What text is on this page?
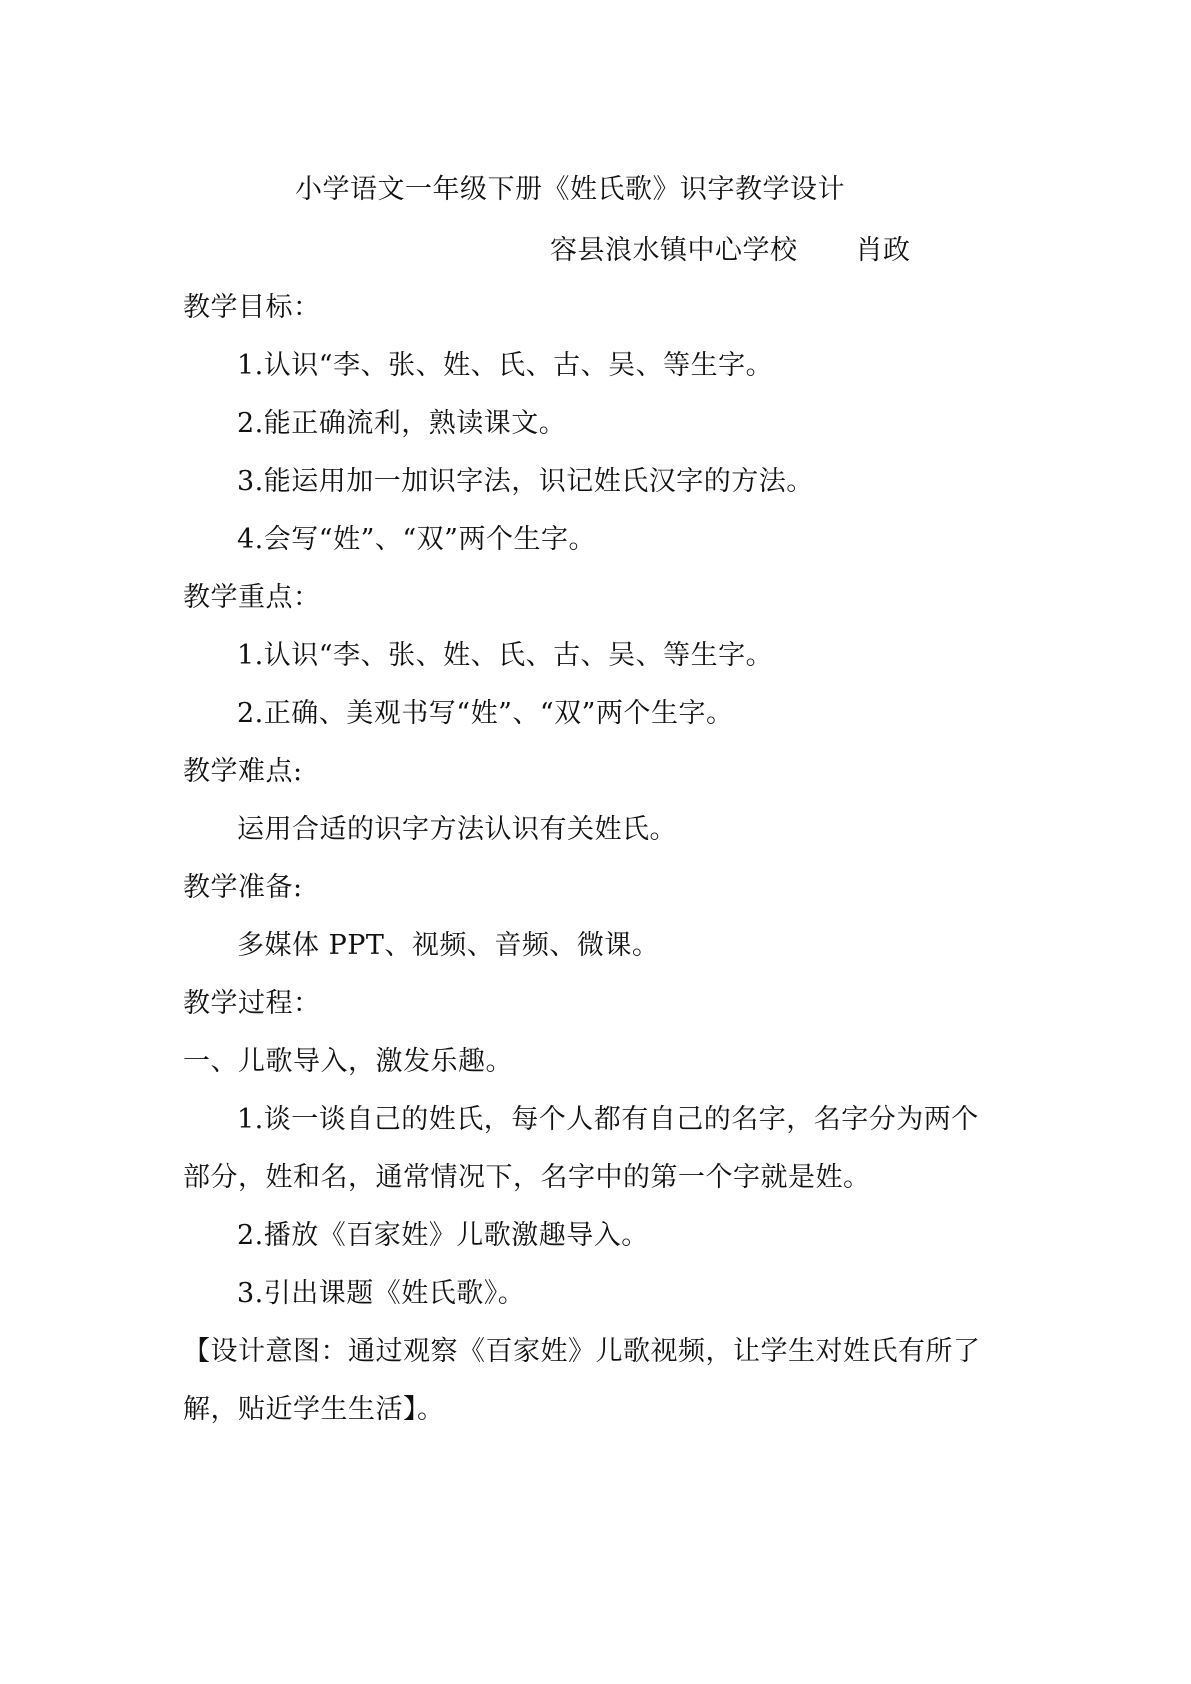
小学语文一年级下册《姓氏歌》识字教学设计
容县浪水镇中心学校 肖政
教学目标：
1.认识“李、张、姓、氏、古、吴、等生字。
2.能正确流利，熟读课文。
3.能运用加一加识字法，识记姓氏汉字的方法。
4.会写“姓”、“双”两个生字。
教学重点：
1.认识“李、张、姓、氏、古、吴、等生字。
2.正确、美观书写“姓”、“双”两个生字。
教学难点:
运用合适的识字方法认识有关姓氏。
教学准备:
多媒体 PPT、视频、音频、微课。
教学过程：
一、儿歌导入，激发乐趣。
1.谈一谈自己的姓氏，每个人都有自己的名字，名字分为两个
部分，姓和名，通常情况下，名字中的第一个字就是姓。
2.播放《百家姓》儿歌激趣导入。
3.引出课题《姓氏歌》。
【设计意图：通过观察《百家姓》儿歌视频，让学生对姓氏有所了
解，贴近学生生活】。
